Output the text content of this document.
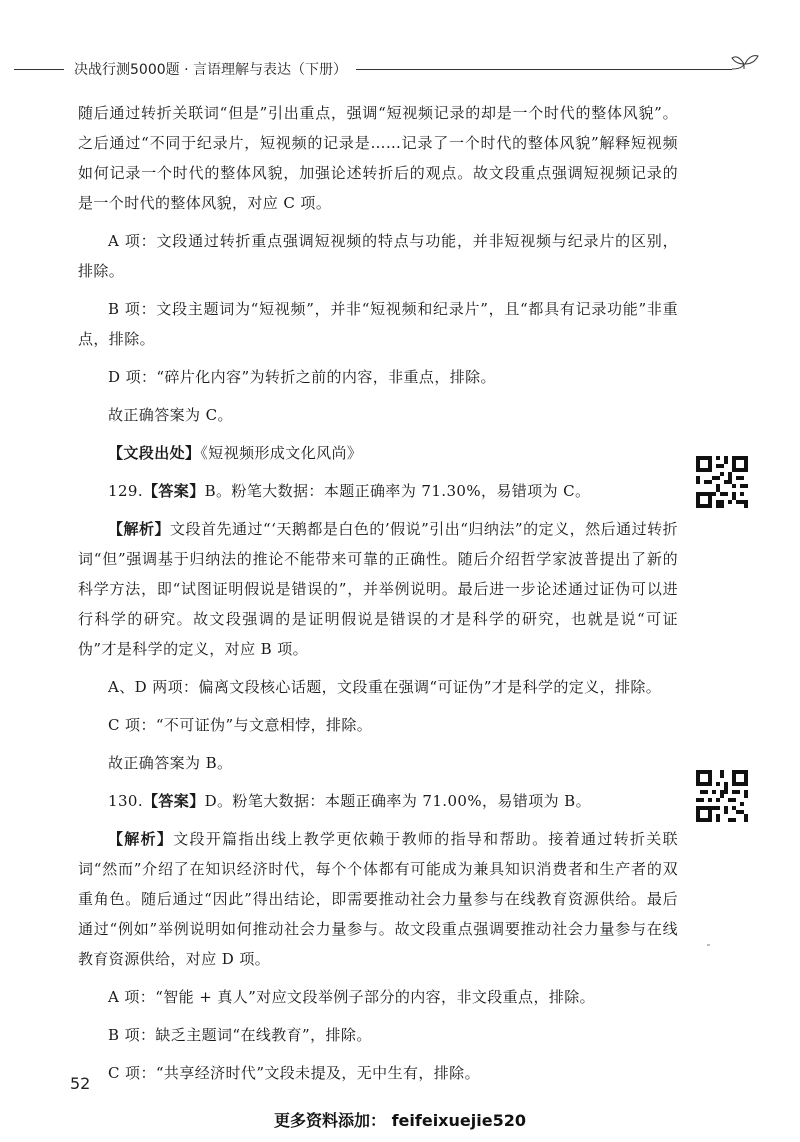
决战行测5000题 · 言语理解与表达（下册）

随后通过转折关联词“但是”引出重点，强调“短视频记录的却是一个时代的整体风貌”。之后通过“不同于纪录片，短视频的记录是……记录了一个时代的整体风貌”解释短视频如何记录一个时代的整体风貌，加强论述转折后的观点。故文段重点强调短视频记录的是一个时代的整体风貌，对应 C 项。

A 项：文段通过转折重点强调短视频的特点与功能，并非短视频与纪录片的区别，排除。

B 项：文段主题词为“短视频”，并非“短视频和纪录片”，且“都具有记录功能”非重点，排除。

D 项：“碎片化内容”为转折之前的内容，非重点，排除。

故正确答案为 C。

【文段出处】《短视频形成文化风尚》

129.【答案】B。粉笔大数据：本题正确率为 71.30%，易错项为 C。

【解析】文段首先通过“‘天鹅都是白色的’假说”引出“归纳法”的定义，然后通过转折词“但”强调基于归纳法的推论不能带来可靠的正确性。随后介绍哲学家波普提出了新的科学方法，即“试图证明假说是错误的”，并举例说明。最后进一步论述通过证伪可以进行科学的研究。故文段强调的是证明假说是错误的才是科学的研究，也就是说“可证伪”才是科学的定义，对应 B 项。

A、D 两项：偏离文段核心话题，文段重在强调“可证伪”才是科学的定义，排除。

C 项：“不可证伪”与文意相悖，排除。

故正确答案为 B。

130.【答案】D。粉笔大数据：本题正确率为 71.00%，易错项为 B。

【解析】文段开篇指出线上教学更依赖于教师的指导和帮助。接着通过转折关联词“然而”介绍了在知识经济时代，每个个体都有可能成为兼具知识消费者和生产者的双重角色。随后通过“因此”得出结论，即需要推动社会力量参与在线教育资源供给。最后通过“例如”举例说明如何推动社会力量参与。故文段重点强调要推动社会力量参与在线教育资源供给，对应 D 项。

A 项：“智能 + 真人”对应文段举例子部分的内容，非文段重点，排除。

B 项：缺乏主题词“在线教育”，排除。

C 项：“共享经济时代”文段未提及，无中生有，排除。

52
更多资料添加： feifeixuejie520
